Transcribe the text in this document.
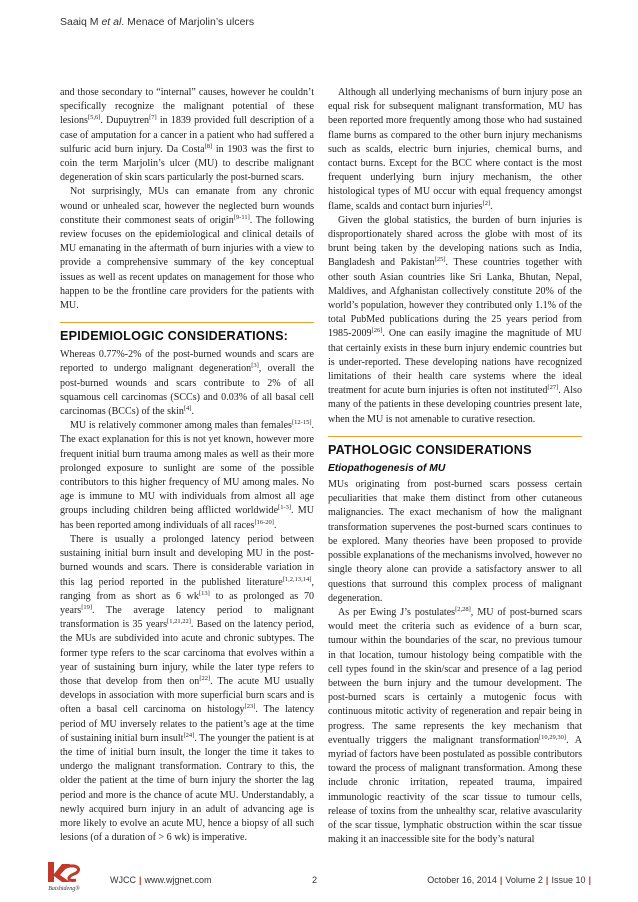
Saaiq M et al. Menace of Marjolin’s ulcers

and those secondary to “internal” causes, however he couldn’t specifically recognize the malignant potential of these lesions[5,6]. Dupuytren[7] in 1839 provided full description of a case of amputation for a cancer in a patient who had suffered a sulfuric acid burn injury. Da Costa[8] in 1903 was the first to coin the term Marjolin’s ulcer (MU) to describe malignant degeneration of skin scars particularly the post-burned scars.

Not surprisingly, MUs can emanate from any chronic wound or unhealed scar, however the neglected burn wounds constitute their commonest seats of origin[9-11]. The following review focuses on the epidemiological and clinical details of MU emanating in the aftermath of burn injuries with a view to provide a comprehensive summary of the key conceptual issues as well as recent updates on management for those who happen to be the frontline care providers for the patients with MU.

EPIDEMIOLOGIC CONSIDERATIONS:

Whereas 0.77%-2% of the post-burned wounds and scars are reported to undergo malignant degeneration[3], overall the post-burned wounds and scars contribute to 2% of all squamous cell carcinomas (SCCs) and 0.03% of all basal cell carcinomas (BCCs) of the skin[4].

MU is relatively commoner among males than females[12-15]. The exact explanation for this is not yet known, however more frequent initial burn trauma among males as well as their more prolonged exposure to sunlight are some of the possible contributors to this higher frequency of MU among males. No age is immune to MU with individuals from almost all age groups including children being afflicted worldwide[1-3]. MU has been reported among individuals of all races[16-20].

There is usually a prolonged latency period between sustaining initial burn insult and developing MU in the post-burned wounds and scars. There is considerable variation in this lag period reported in the published literature[1,2,13,14], ranging from as short as 6 wk[13] to as prolonged as 70 years[19]. The average latency period to malignant transformation is 35 years[1,21,22]. Based on the latency period, the MUs are subdivided into acute and chronic subtypes. The former type refers to the scar carcinoma that evolves within a year of sustaining burn injury, while the later type refers to those that develop from then on[22]. The acute MU usually develops in association with more superficial burn scars and is often a basal cell carcinoma on histology[23]. The latency period of MU inversely relates to the patient’s age at the time of sustaining initial burn insult[24]. The younger the patient is at the time of initial burn insult, the longer the time it takes to undergo the malignant transformation. Contrary to this, the older the patient at the time of burn injury the shorter the lag period and more is the chance of acute MU. Understandably, a newly acquired burn injury in an adult of advancing age is more likely to evolve an acute MU, hence a biopsy of all such lesions (of a duration of > 6 wk) is imperative.

Although all underlying mechanisms of burn injury pose an equal risk for subsequent malignant transformation, MU has been reported more frequently among those who had sustained flame burns as compared to the other burn injury mechanisms such as scalds, electric burn injuries, chemical burns, and contact burns. Except for the BCC where contact is the most frequent underlying burn injury mechanism, the other histological types of MU occur with equal frequency amongst flame, scalds and contact burn injuries[2].

Given the global statistics, the burden of burn injuries is disproportionately shared across the globe with most of its brunt being taken by the developing nations such as India, Bangladesh and Pakistan[25]. These countries together with other south Asian countries like Sri Lanka, Bhutan, Nepal, Maldives, and Afghanistan collectively constitute 20% of the world’s population, however they contributed only 1.1% of the total PubMed publications during the 25 years period from 1985-2009[26]. One can easily imagine the magnitude of MU that certainly exists in these burn injury endemic countries but is under-reported. These developing nations have recognized limitations of their health care systems where the ideal treatment for acute burn injuries is often not instituted[27]. Also many of the patients in these developing countries present late, when the MU is not amenable to curative resection.

PATHOLOGIC CONSIDERATIONS
Etiopathogenesis of MU

MUs originating from post-burned scars possess certain peculiarities that make them distinct from other cutaneous malignancies. The exact mechanism of how the malignant transformation supervenes the post-burned scars continues to be explored. Many theories have been proposed to provide possible explanations of the mechanisms involved, however no single theory alone can provide a satisfactory answer to all questions that surround this complex process of malignant degeneration.

As per Ewing J’s postulates[2,28], MU of post-burned scars would meet the criteria such as evidence of a burn scar, tumour within the boundaries of the scar, no previous tumour in that location, tumour histology being compatible with the cell types found in the skin/scar and presence of a lag period between the burn injury and the tumour development. The post-burned scars is certainly a mutogenic focus with continuous mitotic activity of regeneration and repair being in progress. The same represents the key mechanism that eventually triggers the malignant transformation[10,29,30]. A myriad of factors have been postulated as possible contributors toward the process of malignant transformation. Among these include chronic irritation, repeated trauma, impaired immunologic reactivity of the scar tissue to tumour cells, release of toxins from the unhealthy scar, relative avascularity of the scar tissue, lymphatic obstruction within the scar tissue making it an inaccessible site for the body’s natural

Baishideng®
WJCC | www.wjgnet.com	2	October 16, 2014 | Volume 2 | Issue 10 |
